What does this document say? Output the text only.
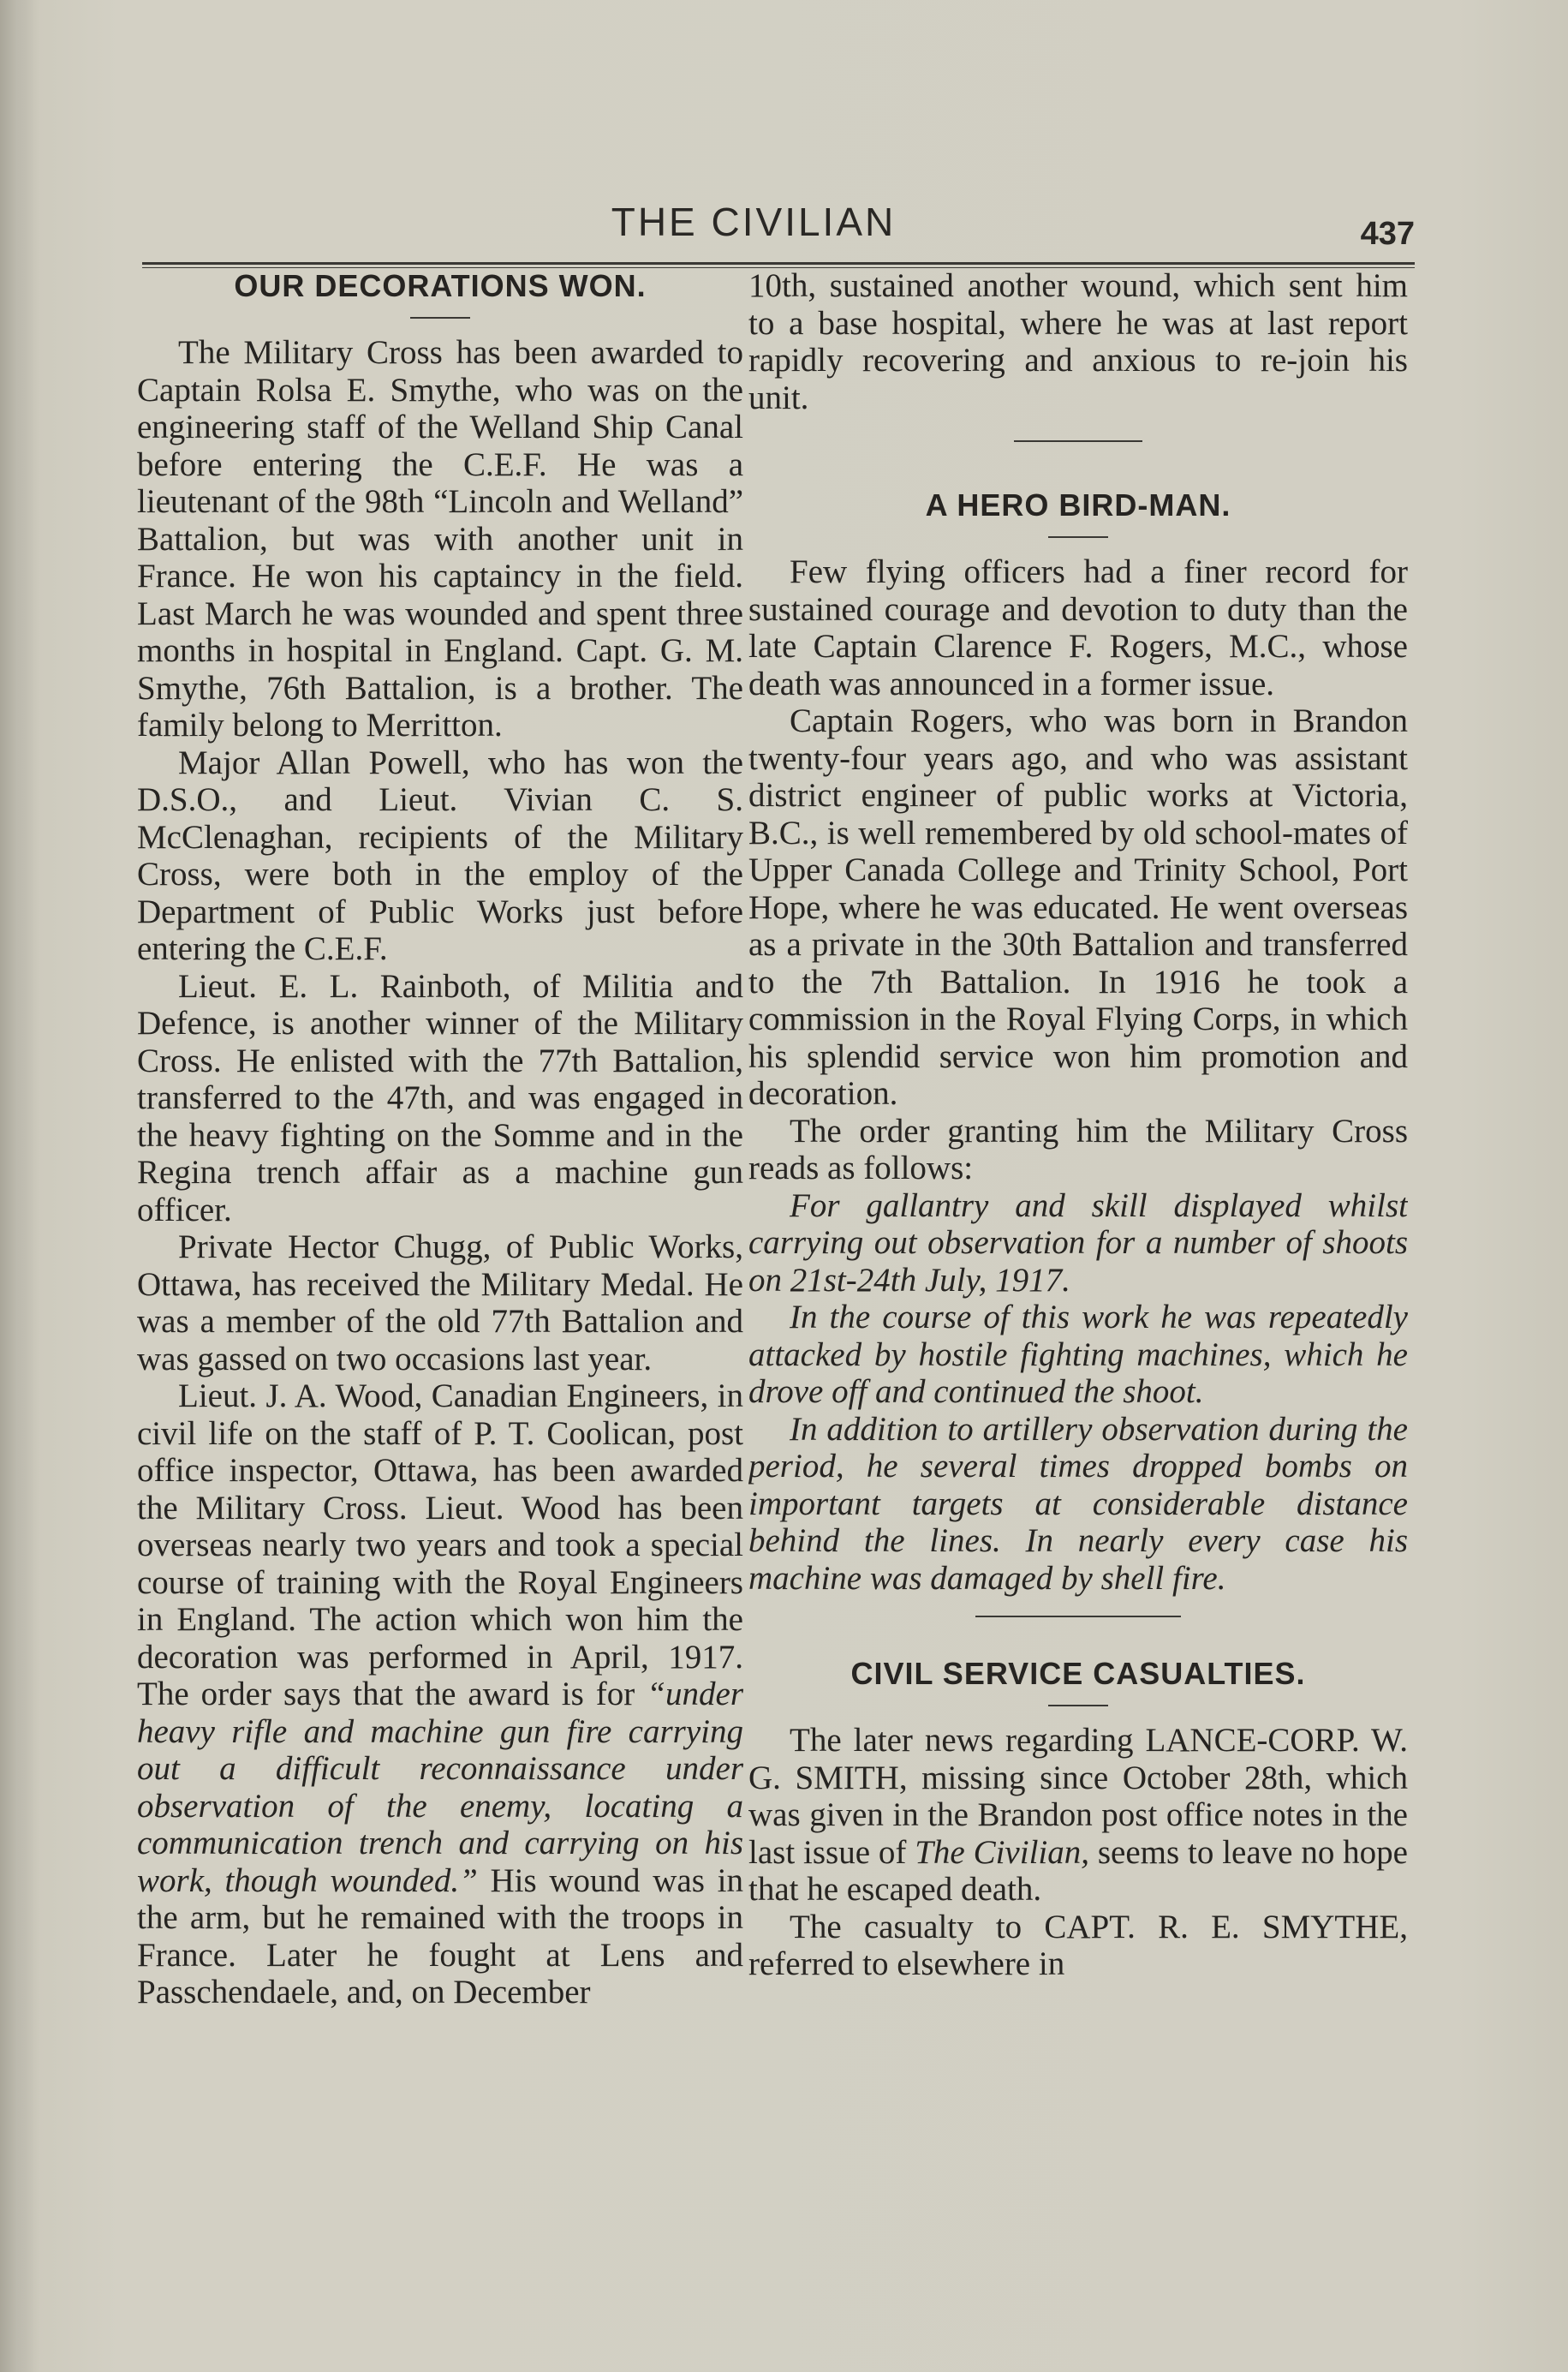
THE CIVILIAN	437
OUR DECORATIONS WON.

The Military Cross has been awarded to Captain Rolsa E. Smythe, who was on the engineering staff of the Welland Ship Canal before entering the C.E.F. He was a lieutenant of the 98th “Lincoln and Welland” Battalion, but was with another unit in France. He won his captaincy in the field. Last March he was wounded and spent three months in hospital in England. Capt. G. M. Smythe, 76th Battalion, is a brother. The family belong to Merritton.

Major Allan Powell, who has won the D.S.O., and Lieut. Vivian C. S. McClenaghan, recipients of the Military Cross, were both in the employ of the Department of Public Works just before entering the C.E.F.

Lieut. E. L. Rainboth, of Militia and Defence, is another winner of the Military Cross. He enlisted with the 77th Battalion, transferred to the 47th, and was engaged in the heavy fighting on the Somme and in the Regina trench affair as a machine gun officer.

Private Hector Chugg, of Public Works, Ottawa, has received the Military Medal. He was a member of the old 77th Battalion and was gassed on two occasions last year.

Lieut. J. A. Wood, Canadian Engineers, in civil life on the staff of P. T. Coolican, post office inspector, Ottawa, has been awarded the Military Cross. Lieut. Wood has been overseas nearly two years and took a special course of training with the Royal Engineers in England. The action which won him the decoration was performed in April, 1917. The order says that the award is for “under heavy rifle and machine gun fire carrying out a difficult reconnaissance under observation of the enemy, locating a communication trench and carrying on his work, though wounded.” His wound was in the arm, but he remained with the troops in France. Later he fought at Lens and Passchendaele, and, on December

10th, sustained another wound, which sent him to a base hospital, where he was at last report rapidly recovering and anxious to re-join his unit.

A HERO BIRD-MAN.

Few flying officers had a finer record for sustained courage and devotion to duty than the late Captain Clarence F. Rogers, M.C., whose death was announced in a former issue.

Captain Rogers, who was born in Brandon twenty-four years ago, and who was assistant district engineer of public works at Victoria, B.C., is well remembered by old school-mates of Upper Canada College and Trinity School, Port Hope, where he was educated. He went overseas as a private in the 30th Battalion and transferred to the 7th Battalion. In 1916 he took a commission in the Royal Flying Corps, in which his splendid service won him promotion and decoration.

The order granting him the Military Cross reads as follows:

For gallantry and skill displayed whilst carrying out observation for a number of shoots on 21st-24th July, 1917.

In the course of this work he was repeatedly attacked by hostile fighting machines, which he drove off and continued the shoot.

In addition to artillery observation during the period, he several times dropped bombs on important targets at considerable distance behind the lines. In nearly every case his machine was damaged by shell fire.

CIVIL SERVICE CASUALTIES.

The later news regarding LANCE-CORP. W. G. SMITH, missing since October 28th, which was given in the Brandon post office notes in the last issue of The Civilian, seems to leave no hope that he escaped death.

The casualty to CAPT. R. E. SMYTHE, referred to elsewhere in
